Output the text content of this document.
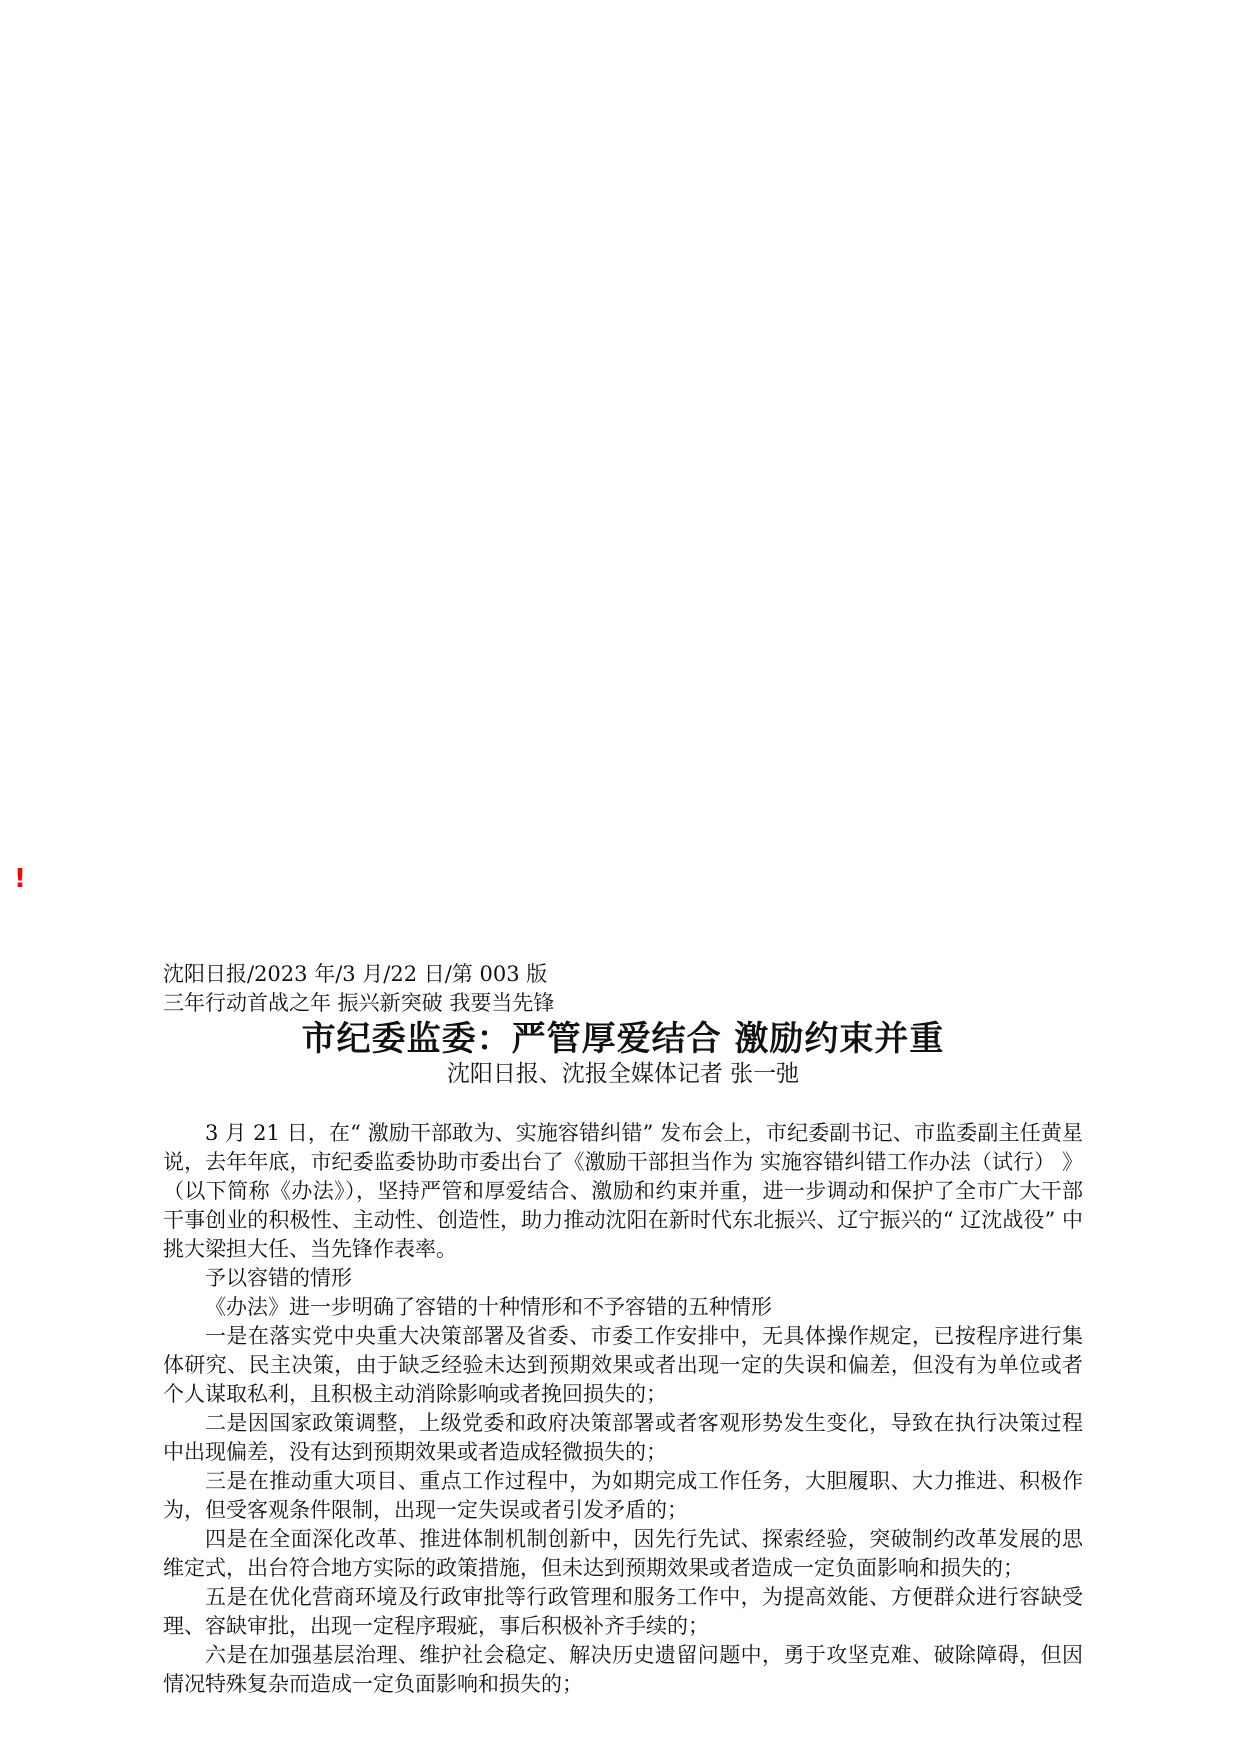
!

沈阳日报/2023 年/3 月/22 日/第 003 版

三年行动首战之年 振兴新突破 我要当先锋

市纪委监委：严管厚爱结合 激励约束并重

沈阳日报、沈报全媒体记者 张一弛

3 月 21 日，在“ 激励干部敢为、实施容错纠错” 发布会上，市纪委副书记、市监委副主任黄星说，去年年底，市纪委监委协助市委出台了《激励干部担当作为 实施容错纠错工作办法（试行） 》（以下简称《办法》），坚持严管和厚爱结合、激励和约束并重，进一步调动和保护了全市广大干部干事创业的积极性、主动性、创造性，助力推动沈阳在新时代东北振兴、辽宁振兴的“ 辽沈战役” 中挑大梁担大任、当先锋作表率。

予以容错的情形

《办法》进一步明确了容错的十种情形和不予容错的五种情形

一是在落实党中央重大决策部署及省委、市委工作安排中，无具体操作规定，已按程序进行集体研究、民主决策，由于缺乏经验未达到预期效果或者出现一定的失误和偏差，但没有为单位或者个人谋取私利，且积极主动消除影响或者挽回损失的；

二是因国家政策调整，上级党委和政府决策部署或者客观形势发生变化，导致在执行决策过程中出现偏差，没有达到预期效果或者造成轻微损失的；

三是在推动重大项目、重点工作过程中，为如期完成工作任务，大胆履职、大力推进、积极作为，但受客观条件限制，出现一定失误或者引发矛盾的；

四是在全面深化改革、推进体制机制创新中，因先行先试、探索经验，突破制约改革发展的思维定式，出台符合地方实际的政策措施，但未达到预期效果或者造成一定负面影响和损失的；

五是在优化营商环境及行政审批等行政管理和服务工作中，为提高效能、方便群众进行容缺受理、容缺审批，出现一定程序瑕疵，事后积极补齐手续的；

六是在加强基层治理、维护社会稳定、解决历史遗留问题中，勇于攻坚克难、破除障碍，但因情况特殊复杂而造成一定负面影响和损失的；
